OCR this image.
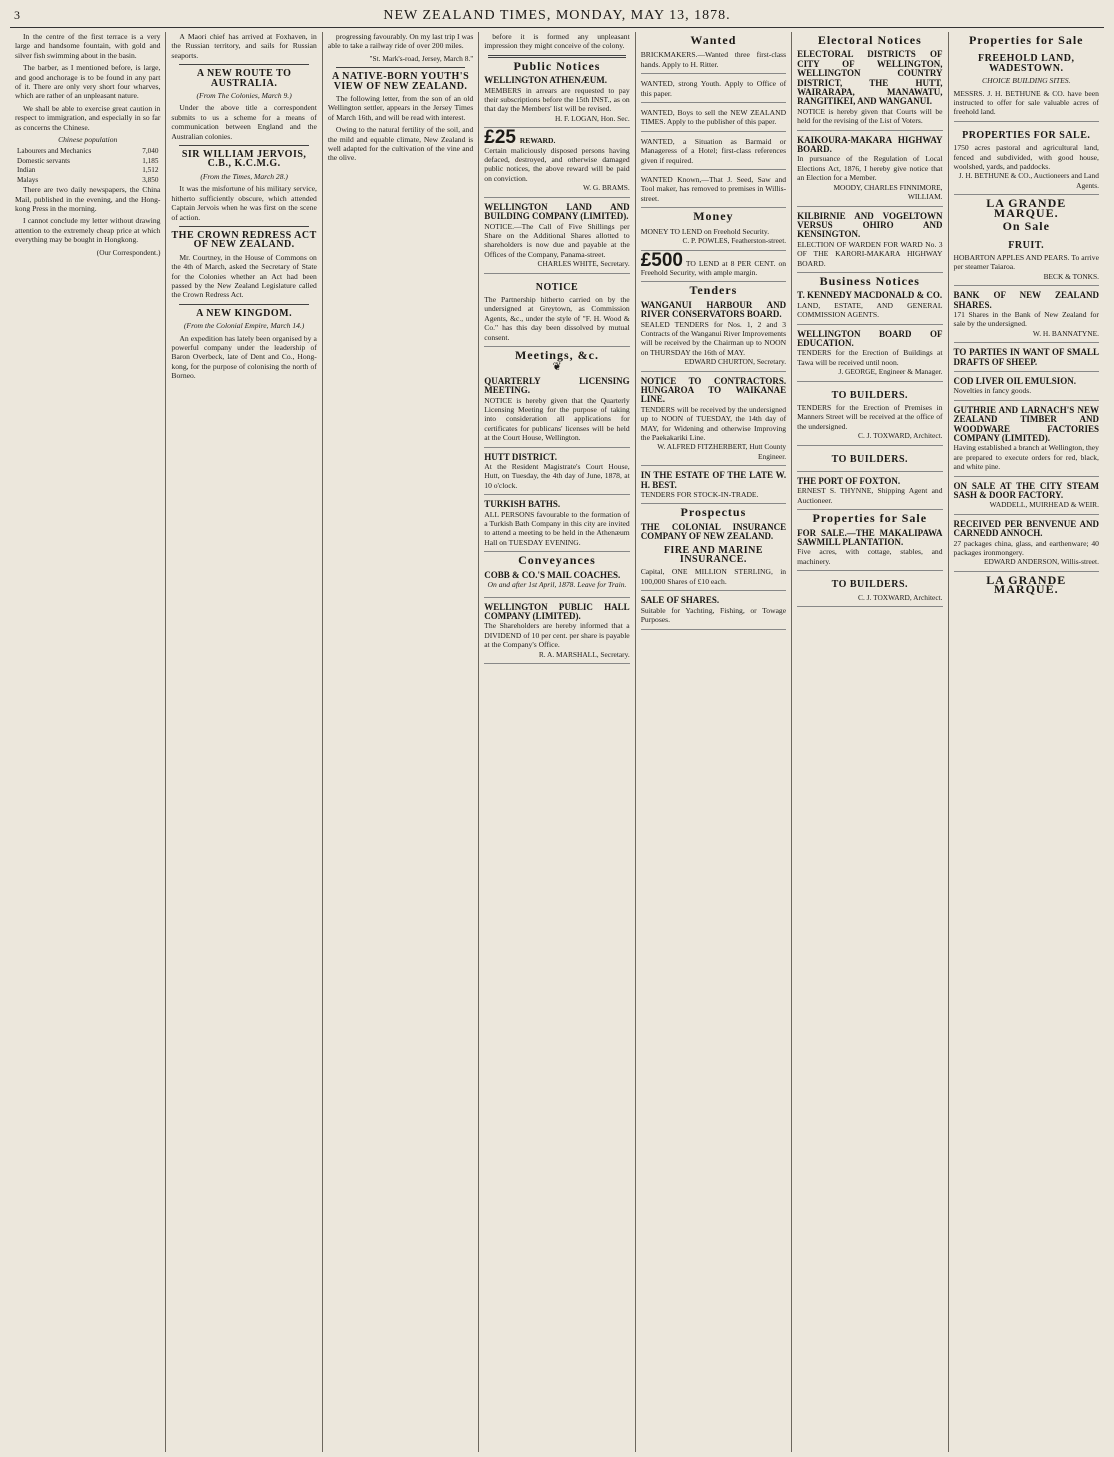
3	NEW ZEALAND TIMES, MONDAY, MAY 13, 1878.

In the centre of the first terrace is a very large and handsome fountain, with gold and silver fish swimming about in the basin.

The barber, as I mentioned before, is large, and good anchorage is to be found in any part of it. There are only very short four wharves, which are rather of an unpleasant nature.

We shall be able to exercise great caution in respect to immigration, and especially in so far as concerns the Chinese.

Chinese population
Labourers and Mechanics	7,040
Domestic servants	1,185
Indian	1,512
Malays	3,850

There are two daily newspapers, the China Mail, published in the evening, and the Hong-kong Press in the morning.

I cannot conclude my letter without drawing attention to the extremely cheap price at which everything may be bought in Hongkong.

(Our Correspondent.)

A Maori chief has arrived at Foxhaven, in the Russian territory, and sails for Russian seaports.

A NEW ROUTE TO AUSTRALIA.
(From The Colonies, March 9.)

Under the above title a correspondent submits to us a scheme for a means of communication between England and the Australian colonies.

SIR WILLIAM JERVOIS, C.B., K.C.M.G.
(From the Times, March 28.)

It was the misfortune of his military service, hitherto sufficiently obscure, which attended Captain Jervois when he was first on the scene of action.

THE CROWN REDRESS ACT OF NEW ZEALAND.

Mr. Courtney, in the House of Commons on the 4th of March, asked the Secretary of State for the Colonies whether an Act had been passed by the New Zealand Legislature called the Crown Redress Act.

A NEW KINGDOM.
(From the Colonial Empire, March 14.)

An expedition has lately been organised by a powerful company under the leadership of Baron Overbeck, late of Dent and Co., Hong-kong, for the purpose of colonising the north of Borneo.

progressing favourably. On my last trip I was able to take a railway ride of over 200 miles.

"St. Mark's-road, Jersey, March 8."
A NATIVE-BORN YOUTH'S VIEW OF NEW ZEALAND.

The following letter, from the son of an old Wellington settler, appears in the Jersey Times of March 16th, and will be read with interest.

Owing to the natural fertility of the soil, and the mild and equable climate, New Zealand is well adapted for the cultivation of the vine and the olive.

before it is formed any unpleasant impression they might conceive of the colony.

Public Notices
WELLINGTON ATHENÆUM.
MEMBERS in arrears are requested to pay their subscriptions before the 15th INST., as on that day the Members' list will be revised.
H. F. LOGAN, Hon. Sec.
£25 REWARD.
Certain maliciously disposed persons having defaced, destroyed, and otherwise damaged public notices, the above reward will be paid on conviction.
W. G. BRAMS.
WELLINGTON LAND AND BUILDING COMPANY (LIMITED).
NOTICE.—The Call of Five Shillings per Share on the Additional Shares allotted to shareholders is now due and payable at the Offices of the Company, Panama-street.
CHARLES WHITE, Secretary.
NOTICE
The Partnership hitherto carried on by the undersigned at Greytown, as Commission Agents, &c., under the style of "F. H. Wood & Co." has this day been dissolved by mutual consent.
Meetings, &c.
❦
QUARTERLY LICENSING MEETING.
NOTICE is hereby given that the Quarterly Licensing Meeting for the purpose of taking into consideration all applications for certificates for publicans' licenses will be held at the Court House, Wellington.
HUTT DISTRICT.
At the Resident Magistrate's Court House, Hutt, on Tuesday, the 4th day of June, 1878, at 10 o'clock.
TURKISH BATHS.
ALL PERSONS favourable to the formation of a Turkish Bath Company in this city are invited to attend a meeting to be held in the Athenæum Hall on TUESDAY EVENING.
Conveyances
COBB & CO.'S MAIL COACHES.
On and after 1st April, 1878. Leave for Train.
WELLINGTON PUBLIC HALL COMPANY (LIMITED).
The Shareholders are hereby informed that a DIVIDEND of 10 per cent. per share is payable at the Company's Office.
R. A. MARSHALL, Secretary.
Wanted
BRICKMAKERS.—Wanted three first-class hands. Apply to H. Ritter.
WANTED, strong Youth. Apply to Office of this paper.
WANTED, Boys to sell the NEW ZEALAND TIMES. Apply to the publisher of this paper.
WANTED, a Situation as Barmaid or Manageress of a Hotel; first-class references given if required.
WANTED Known,—That J. Seed, Saw and Tool maker, has removed to premises in Willis-street.
Money
MONEY TO LEND on Freehold Security.
C. P. POWLES, Featherston-street.
£500 TO LEND at 8 PER CENT. on Freehold Security, with ample margin.
Tenders
WANGANUI HARBOUR AND RIVER CONSERVATORS BOARD.
SEALED TENDERS for Nos. 1, 2 and 3 Contracts of the Wanganui River Improvements will be received by the Chairman up to NOON on THURSDAY the 16th of MAY.
EDWARD CHURTON, Secretary.
NOTICE TO CONTRACTORS. HUNGAROA TO WAIKANAE LINE.
TENDERS will be received by the undersigned up to NOON of TUESDAY, the 14th day of MAY, for Widening and otherwise Improving the Paekakariki Line.
W. ALFRED FITZHERBERT, Hutt County Engineer.
IN THE ESTATE OF THE LATE W. H. BEST.
TENDERS FOR STOCK-IN-TRADE.
Prospectus
THE COLONIAL INSURANCE COMPANY OF NEW ZEALAND.
FIRE AND MARINE INSURANCE.
Capital, ONE MILLION STERLING, in 100,000 Shares of £10 each.
SALE OF SHARES.
Suitable for Yachting, Fishing, or Towage Purposes.
Electoral Notices
ELECTORAL DISTRICTS OF CITY OF WELLINGTON, WELLINGTON COUNTRY DISTRICT, THE HUTT, WAIRARAPA, MANAWATU, RANGITIKEI, AND WANGANUI.
NOTICE is hereby given that Courts will be held for the revising of the List of Voters.
KAIKOURA-MAKARA HIGHWAY BOARD.
In pursuance of the Regulation of Local Elections Act, 1876, I hereby give notice that an Election for a Member.
MOODY, CHARLES FINNIMORE, WILLIAM.
KILBIRNIE AND VOGELTOWN VERSUS OHIRO AND KENSINGTON.
ELECTION OF WARDEN FOR WARD No. 3 OF THE KARORI-MAKARA HIGHWAY BOARD.
Business Notices
T. KENNEDY MACDONALD & CO.
LAND, ESTATE, AND GENERAL COMMISSION AGENTS.
WELLINGTON BOARD OF EDUCATION.
TENDERS for the Erection of Buildings at Tawa will be received until noon.
J. GEORGE, Engineer & Manager.
TO BUILDERS.
TENDERS for the Erection of Premises in Manners Street will be received at the office of the undersigned.
C. J. TOXWARD, Architect.
TO BUILDERS.
THE PORT OF FOXTON.
ERNEST S. THYNNE, Shipping Agent and Auctioneer.
Properties for Sale
FOR SALE.—THE MAKALIPAWA SAWMILL PLANTATION.
Five acres, with cottage, stables, and machinery.
TO BUILDERS.
C. J. TOXWARD, Architect.
Properties for Sale
FREEHOLD LAND, WADESTOWN.
CHOICE BUILDING SITES.
MESSRS. J. H. BETHUNE & CO. have been instructed to offer for sale valuable acres of freehold land.
PROPERTIES FOR SALE.
1750 acres pastoral and agricultural land, fenced and subdivided, with good house, woolshed, yards, and paddocks.
J. H. BETHUNE & CO., Auctioneers and Land Agents.
LA GRANDE MARQUE.
On Sale
FRUIT.
HOBARTON APPLES AND PEARS. To arrive per steamer Taiaroa.
BECK & TONKS.
BANK OF NEW ZEALAND SHARES.
171 Shares in the Bank of New Zealand for sale by the undersigned.
W. H. BANNATYNE.
TO PARTIES IN WANT OF SMALL DRAFTS OF SHEEP.
COD LIVER OIL EMULSION.
Novelties in fancy goods.
GUTHRIE AND LARNACH'S NEW ZEALAND TIMBER AND WOODWARE FACTORIES COMPANY (LIMITED).
Having established a branch at Wellington, they are prepared to execute orders for red, black, and white pine.
ON SALE AT THE CITY STEAM SASH & DOOR FACTORY.
WADDELL, MUIRHEAD & WEIR.
RECEIVED PER BENVENUE AND CARNEDD ANNOCH.
27 packages china, glass, and earthenware; 40 packages ironmongery.
EDWARD ANDERSON, Willis-street.
LA GRANDE MARQUE.
